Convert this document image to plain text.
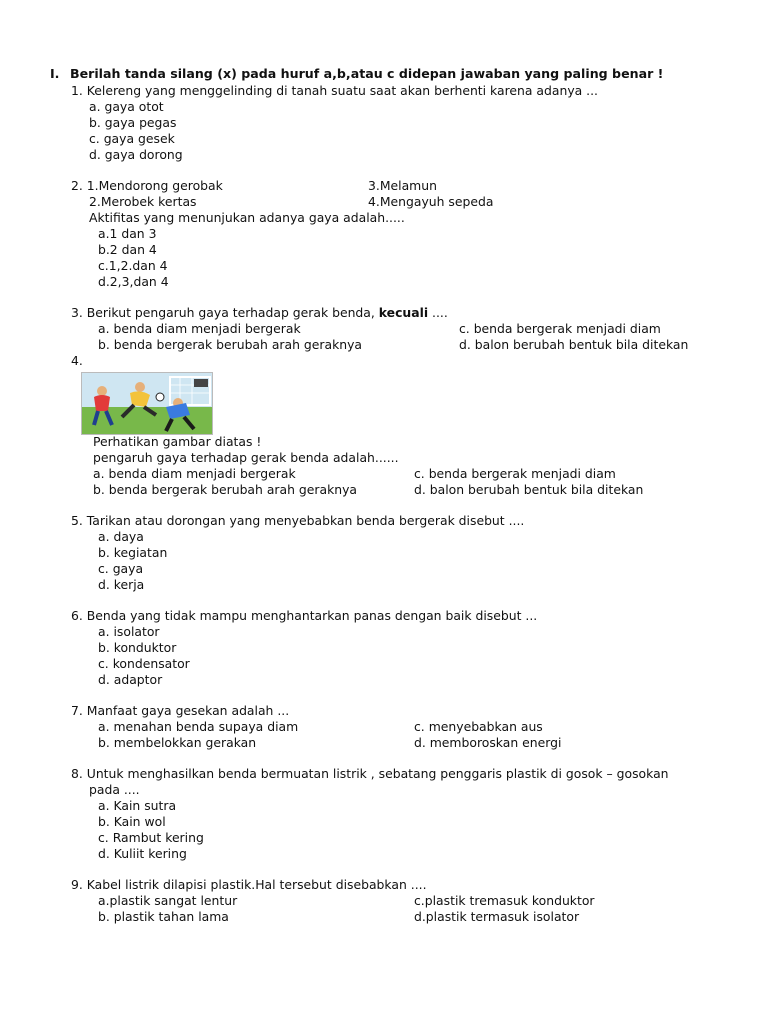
I. Berilah tanda silang (x) pada huruf a,b,atau c didepan jawaban yang paling benar !
1. Kelereng yang menggelinding di tanah suatu saat akan berhenti karena adanya ...
a. gaya otot
b. gaya pegas
c. gaya gesek
d. gaya dorong
2. 1.Mendorong gerobak	3.Melamun
2.Merobek kertas	4.Mengayuh sepeda
Aktifitas yang menunjukan adanya gaya adalah.....
a.1 dan 3
b.2 dan 4
c.1,2.dan 4
d.2,3,dan 4
3. Berikut pengaruh gaya terhadap gerak benda, kecuali ....
a. benda diam menjadi bergerak	c. benda bergerak menjadi diam
b. benda bergerak berubah arah geraknya	d. balon berubah bentuk bila ditekan
4.
Perhatikan gambar diatas !
pengaruh gaya terhadap gerak benda adalah......
a. benda diam menjadi bergerak	c. benda bergerak menjadi diam
b. benda bergerak berubah arah geraknya	d. balon berubah bentuk bila ditekan
5. Tarikan atau dorongan yang menyebabkan benda bergerak disebut ....
a. daya
b. kegiatan
c. gaya
d. kerja
6. Benda yang tidak mampu menghantarkan panas dengan baik disebut ...
a. isolator
b. konduktor
c. kondensator
d. adaptor
7. Manfaat gaya gesekan adalah ...
a. menahan benda supaya diam	c. menyebabkan aus
b. membelokkan gerakan	d. memboroskan energi
8. Untuk menghasilkan benda bermuatan listrik , sebatang penggaris plastik di gosok – gosokan
pada ....
a. Kain sutra
b. Kain wol
c. Rambut kering
d. Kuliit kering
9. Kabel listrik dilapisi plastik.Hal tersebut disebabkan ....
a.plastik sangat lentur	c.plastik tremasuk konduktor
b. plastik tahan lama	d.plastik termasuk isolator
